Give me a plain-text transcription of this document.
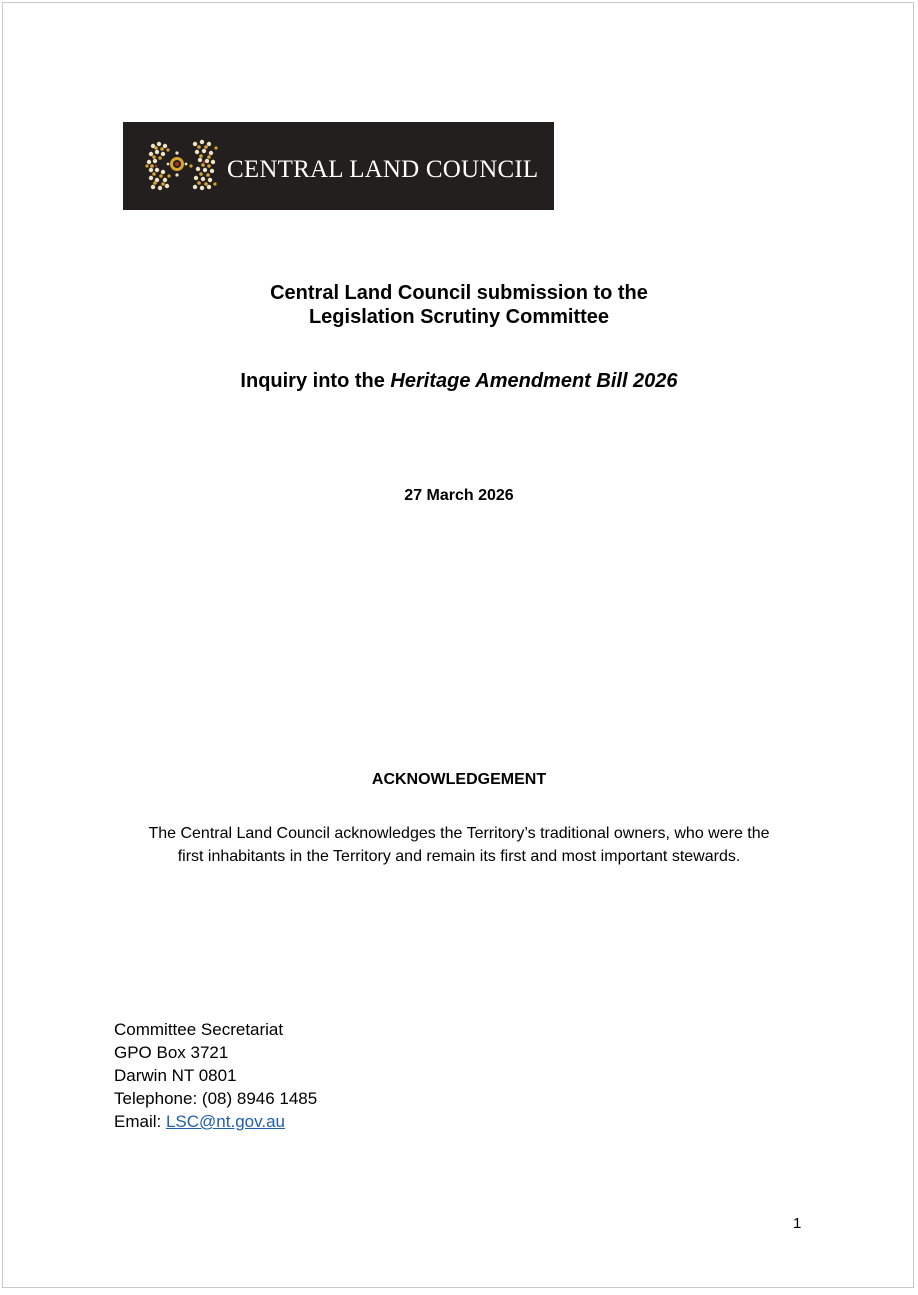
CENTRAL LAND COUNCIL
Central Land Council submission to the
Legislation Scrutiny Committee
Inquiry into the Heritage Amendment Bill 2026
27 March 2026
ACKNOWLEDGEMENT
The Central Land Council acknowledges the Territory’s traditional owners, who were the
first inhabitants in the Territory and remain its first and most important stewards.
Committee Secretariat
GPO Box 3721
Darwin NT 0801
Telephone: (08) 8946 1485
Email: LSC@nt.gov.au
1
